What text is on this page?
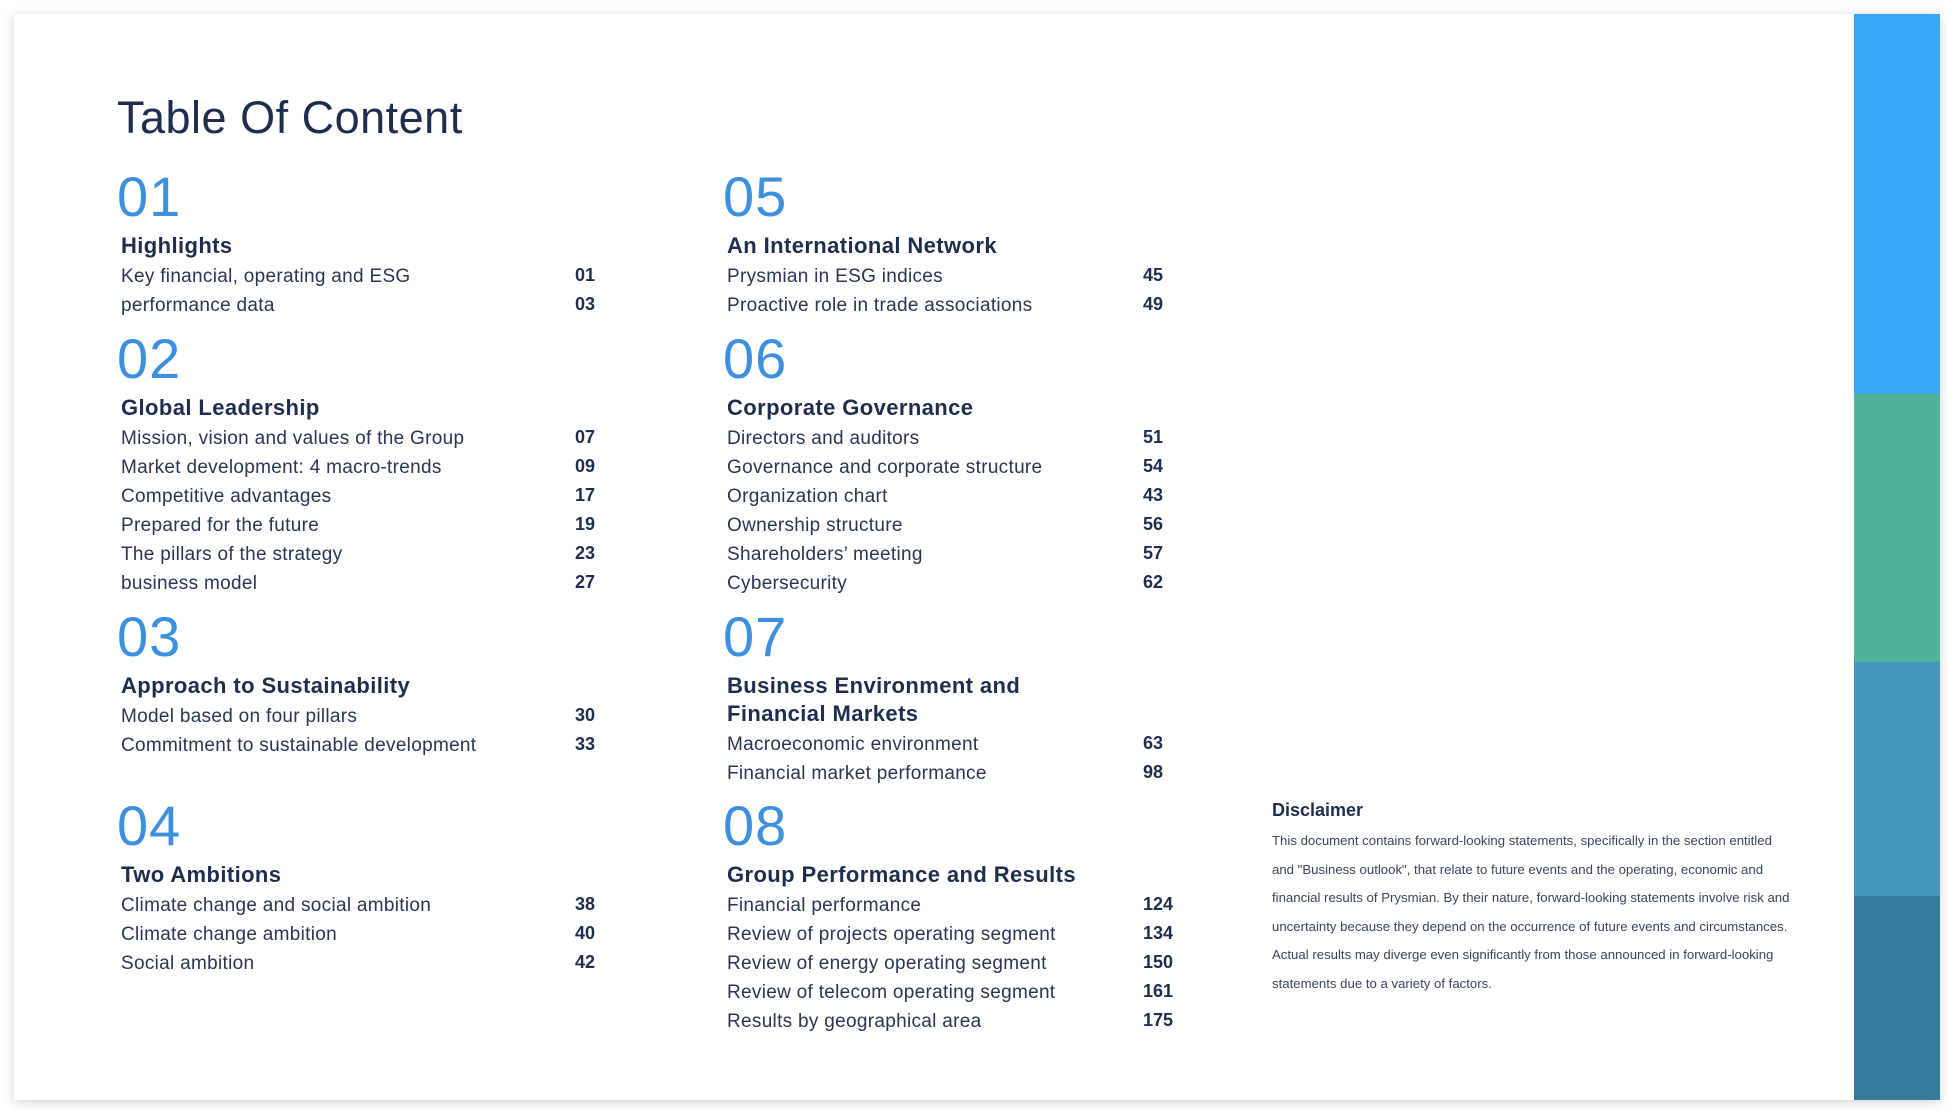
Table Of Content
01
Highlights
Key financial, operating and ESG	01
performance data	03
02
Global Leadership
Mission, vision and values of the Group	07
Market development: 4 macro-trends	09
Competitive advantages	17
Prepared for the future	19
The pillars of the strategy	23
business model	27
03
Approach to Sustainability
Model based on four pillars	30
Commitment to sustainable development	33
04
Two Ambitions
Climate change and social ambition	38
Climate change ambition	40
Social ambition	42
05
An International Network
Prysmian in ESG indices	45
Proactive role in trade associations	49
06
Corporate Governance
Directors and auditors	51
Governance and corporate structure	54
Organization chart	43
Ownership structure	56
Shareholders’ meeting	57
Cybersecurity	62
07
Business Environment and
Financial Markets
Macroeconomic environment	63
Financial market performance	98
08
Group Performance and Results
Financial performance	124
Review of projects operating segment	134
Review of energy operating segment	150
Review of telecom operating segment	161
Results by geographical area	175
Disclaimer

This document contains forward-looking statements, specifically in the section entitled and "Business outlook", that relate to future events and the operating, economic and financial results of Prysmian. By their nature, forward-looking statements involve risk and uncertainty because they depend on the occurrence of future events and circumstances. Actual results may diverge even significantly from those announced in forward-looking statements due to a variety of factors.
